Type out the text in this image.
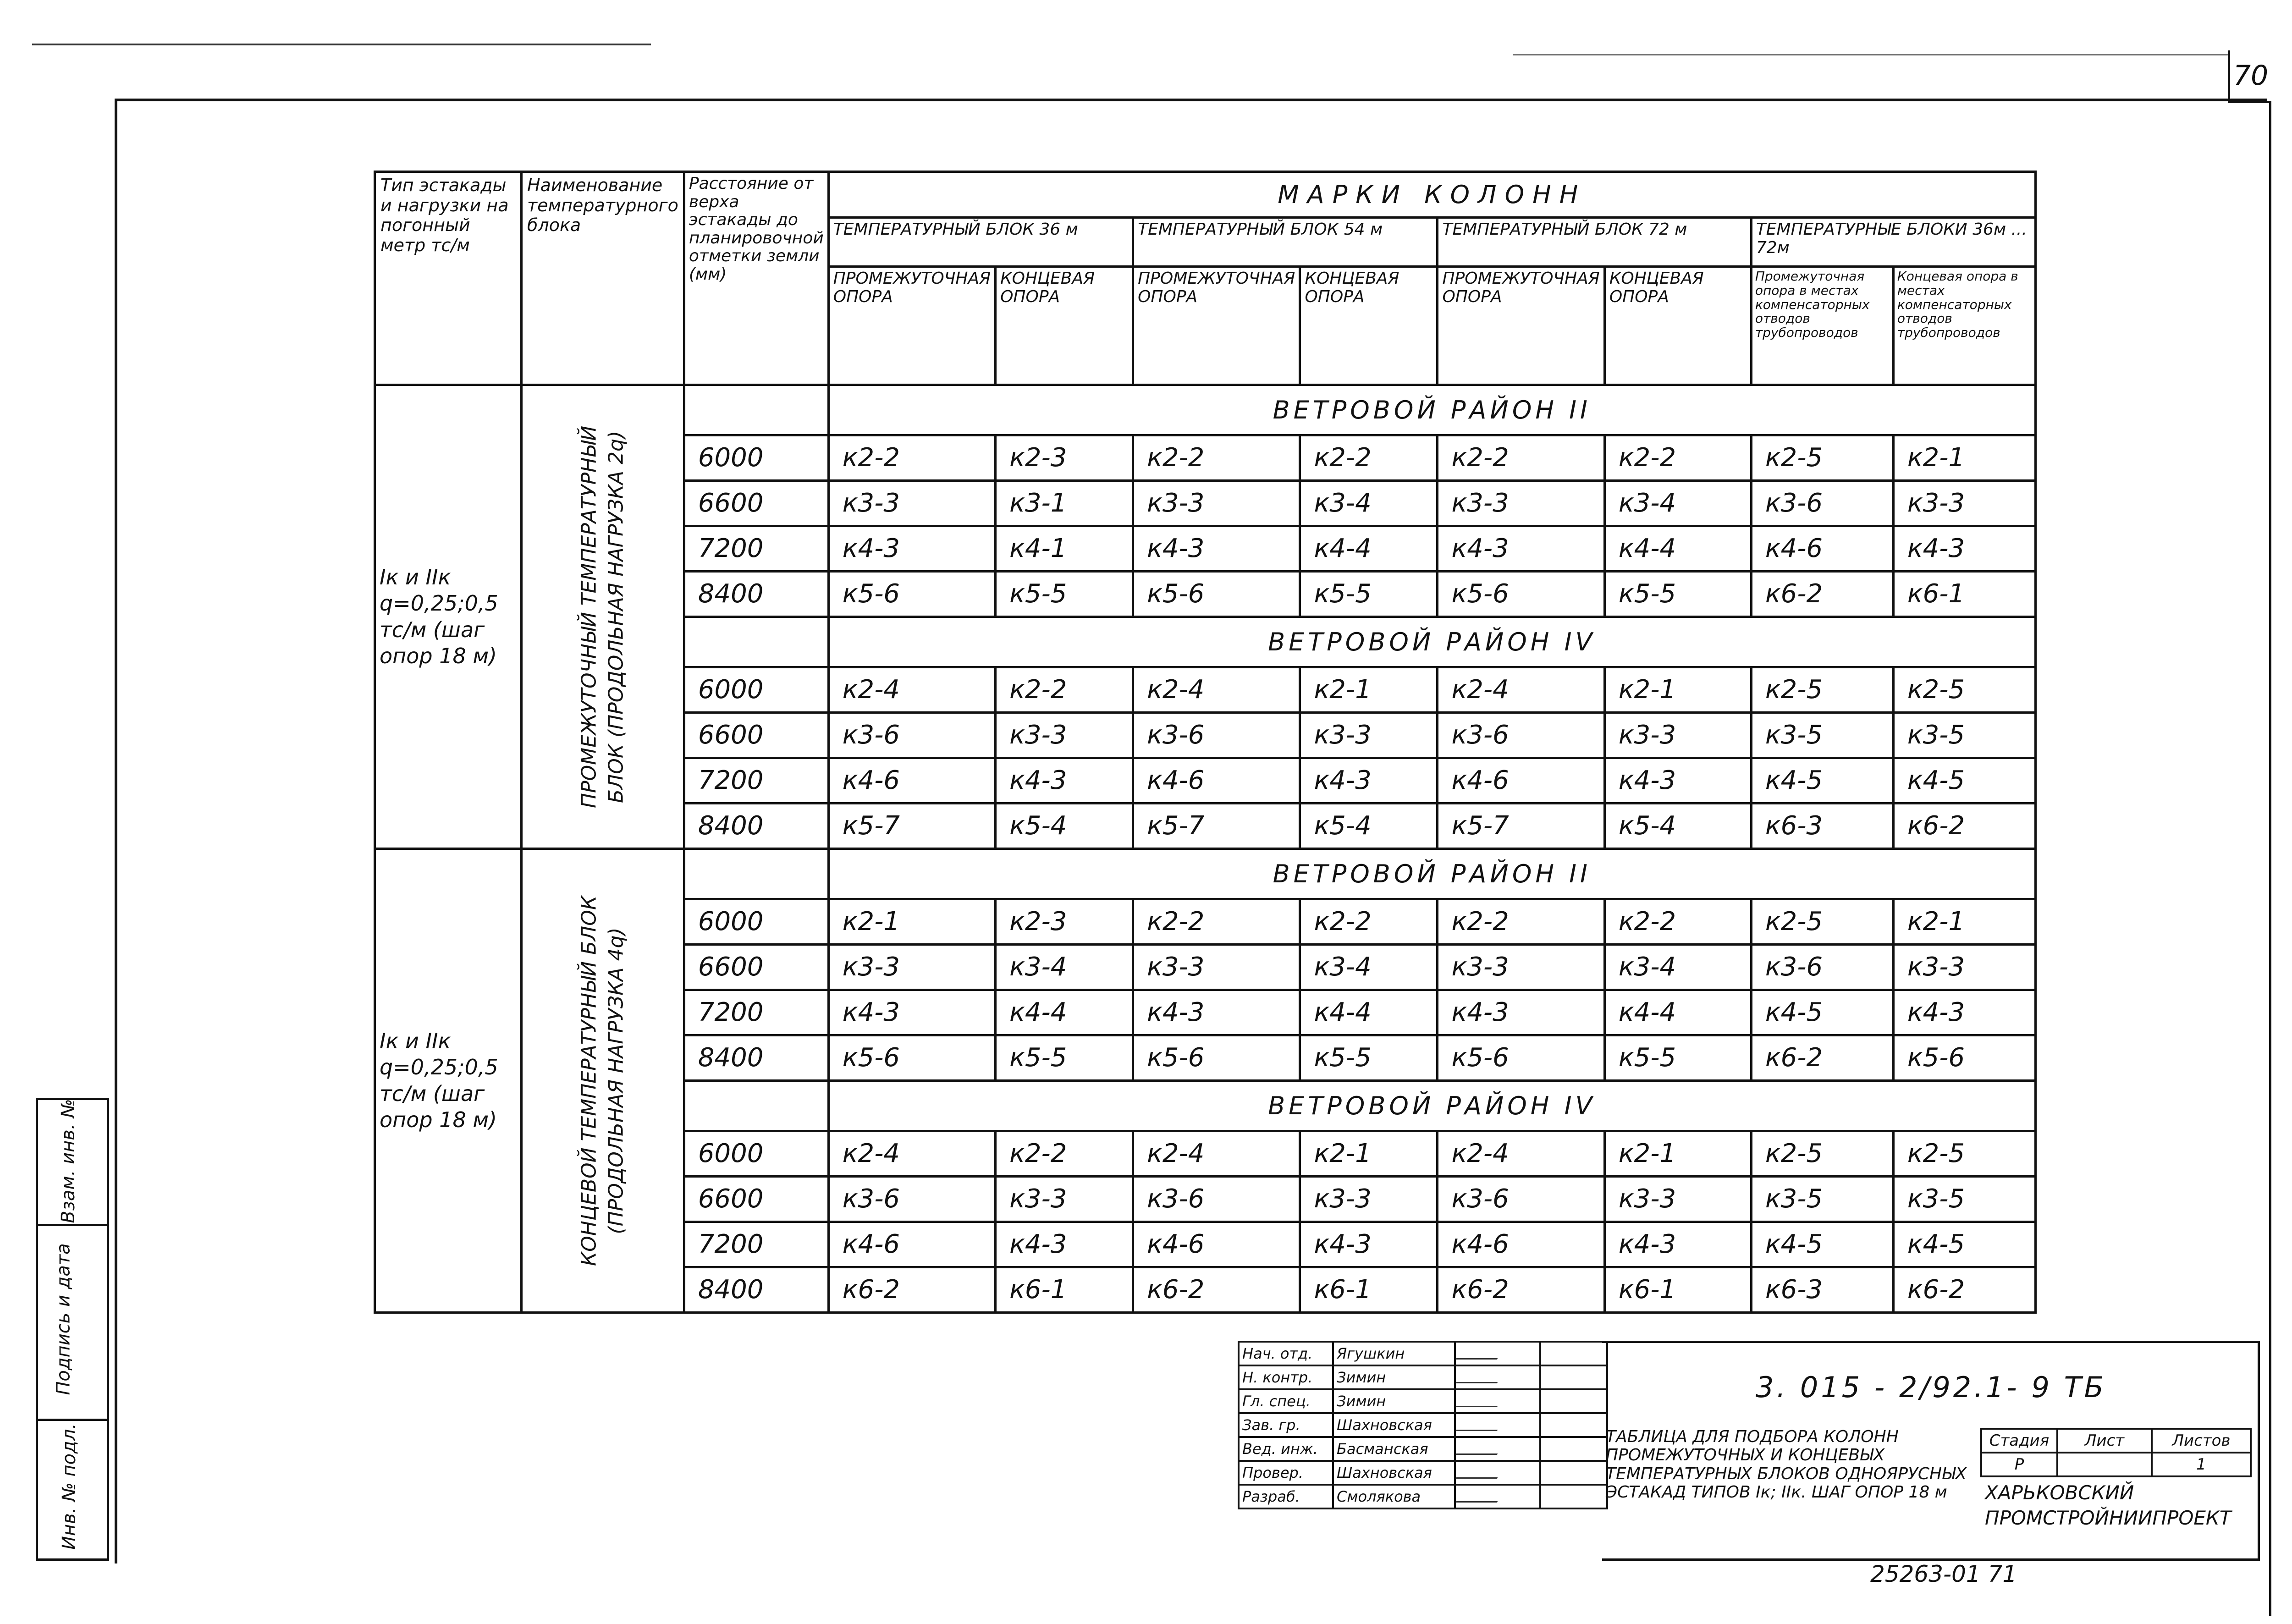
70
Тип эстакады и нагрузки на погонный метр тс/м	Наименование температурного блока	Расстояние от верха эстакады до планировочной отметки земли (мм)	МАРКИ КОЛОНН							
			ТЕМПЕРАТУРНЫЙ БЛОК 36 м		ТЕМПЕРАТУРНЫЙ БЛОК 54 м		ТЕМПЕРАТУРНЫЙ БЛОК 72 м		ТЕМПЕРАТУРНЫЕ БЛОКИ 36м ... 72м	
			ПРОМЕЖУТОЧНАЯ ОПОРА	КОНЦЕВАЯ ОПОРА	ПРОМЕЖУТОЧНАЯ ОПОРА	КОНЦЕВАЯ ОПОРА	ПРОМЕЖУТОЧНАЯ ОПОРА	КОНЦЕВАЯ ОПОРА	Промежуточная опора в местах компенсаторных отводов трубопроводов	Концевая опора в местах компенсаторных отводов трубопроводов
Iк и IIк q=0,25;0,5 тс/м (шаг опор 18 м)	ПРОМЕЖУТОЧНЫЙ ТЕМПЕРАТУРНЫЙ БЛОК (ПРОДОЛЬНАЯ НАГРУЗКА 2q)		ВЕТРОВОЙ РАЙОН II							
		6000	к2-2	к2-3	к2-2	к2-2	к2-2	к2-2	к2-5	к2-1
		6600	к3-3	к3-1	к3-3	к3-4	к3-3	к3-4	к3-6	к3-3
		7200	к4-3	к4-1	к4-3	к4-4	к4-3	к4-4	к4-6	к4-3
		8400	к5-6	к5-5	к5-6	к5-5	к5-6	к5-5	к6-2	к6-1
			ВЕТРОВОЙ РАЙОН IV							
		6000	к2-4	к2-2	к2-4	к2-1	к2-4	к2-1	к2-5	к2-5
		6600	к3-6	к3-3	к3-6	к3-3	к3-6	к3-3	к3-5	к3-5
		7200	к4-6	к4-3	к4-6	к4-3	к4-6	к4-3	к4-5	к4-5
		8400	к5-7	к5-4	к5-7	к5-4	к5-7	к5-4	к6-3	к6-2
Iк и IIк q=0,25;0,5 тс/м (шаг опор 18 м)	КОНЦЕВОЙ ТЕМПЕРАТУРНЫЙ БЛОК (ПРОДОЛЬНАЯ НАГРУЗКА 4q)		ВЕТРОВОЙ РАЙОН II							
		6000	к2-1	к2-3	к2-2	к2-2	к2-2	к2-2	к2-5	к2-1
		6600	к3-3	к3-4	к3-3	к3-4	к3-3	к3-4	к3-6	к3-3
		7200	к4-3	к4-4	к4-3	к4-4	к4-3	к4-4	к4-5	к4-3
		8400	к5-6	к5-5	к5-6	к5-5	к5-6	к5-5	к6-2	к5-6
			ВЕТРОВОЙ РАЙОН IV							
		6000	к2-4	к2-2	к2-4	к2-1	к2-4	к2-1	к2-5	к2-5
		6600	к3-6	к3-3	к3-6	к3-3	к3-6	к3-3	к3-5	к3-5
		7200	к4-6	к4-3	к4-6	к4-3	к4-6	к4-3	к4-5	к4-5
		8400	к6-2	к6-1	к6-2	к6-1	к6-2	к6-1	к6-3	к6-2
Взам. инв. №
Подпись и дата
Инв. № подл.
Нач. отд.	Ягушкин		
Н. контр.	Зимин		
Гл. спец.	Зимин		
Зав. гр.	Шахновская		
Вед. инж.	Басманская		
Провер.	Шахновская		
Разраб.	Смолякова		
3. 015 - 2/92.1- 9 ТБ
ТАБЛИЦА ДЛЯ ПОДБОРА КОЛОНН ПРОМЕЖУТОЧНЫХ И КОНЦЕВЫХ ТЕМПЕРАТУРНЫХ БЛОКОВ ОДНОЯРУСНЫХ ЭСТАКАД ТИПОВ Iк; IIк. ШАГ ОПОР 18 м
Стадия	Лист	Листов
Р		1
ХАРЬКОВСКИЙ ПРОМСТРОЙНИИПРОЕКТ
25263-01 71
